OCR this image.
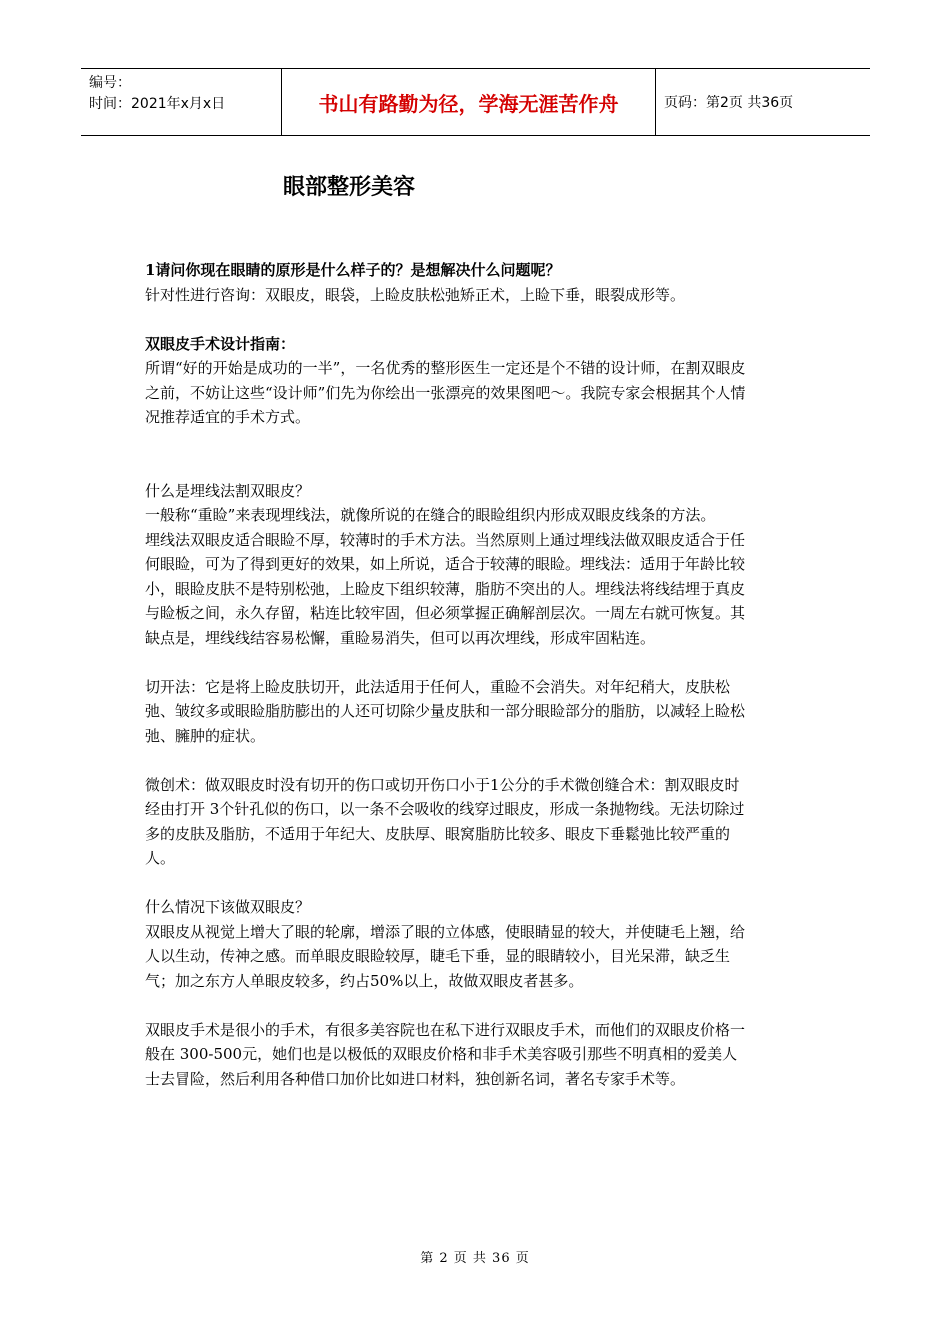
编号：
时间：2021年x月x日	书山有路勤为径，学海无涯苦作舟	页码：第2页 共36页
眼部整形美容

1请问你现在眼睛的原形是什么样子的？是想解决什么问题呢？

针对性进行咨询：双眼皮，眼袋，上睑皮肤松弛矫正术，上睑下垂，眼裂成形等。

双眼皮手术设计指南：

所谓“好的开始是成功的一半”，一名优秀的整形医生一定还是个不错的设计师，在割双眼皮之前，不妨让这些“设计师”们先为你绘出一张漂亮的效果图吧～。我院专家会根据其个人情况推荐适宜的手术方式。

什么是埋线法割双眼皮？

一般称“重睑”来表现埋线法，就像所说的在缝合的眼睑组织内形成双眼皮线条的方法。

埋线法双眼皮适合眼睑不厚，较薄时的手术方法。当然原则上通过埋线法做双眼皮适合于任何眼睑，可为了得到更好的效果，如上所说，适合于较薄的眼睑。埋线法：适用于年龄比较小，眼睑皮肤不是特别松弛，上睑皮下组织较薄，脂肪不突出的人。埋线法将线结埋于真皮与睑板之间，永久存留，粘连比较牢固，但必须掌握正确解剖层次。一周左右就可恢复。其缺点是，埋线线结容易松懈，重睑易消失，但可以再次埋线，形成牢固粘连。

切开法：它是将上睑皮肤切开，此法适用于任何人，重睑不会消失。对年纪稍大，皮肤松弛、皱纹多或眼睑脂肪膨出的人还可切除少量皮肤和一部分眼睑部分的脂肪，以减轻上睑松弛、臃肿的症状。

微创术：做双眼皮时没有切开的伤口或切开伤口小于1公分的手术微创缝合术：割双眼皮时经由打开 3个针孔似的伤口，以一条不会吸收的线穿过眼皮，形成一条抛物线。无法切除过多的皮肤及脂肪，不适用于年纪大、皮肤厚、眼窝脂肪比较多、眼皮下垂鬆弛比较严重的人。

什么情况下该做双眼皮？

双眼皮从视觉上增大了眼的轮廓，增添了眼的立体感，使眼睛显的较大，并使睫毛上翘，给人以生动，传神之感。而单眼皮眼睑较厚，睫毛下垂，显的眼睛较小，目光呆滞，缺乏生气；加之东方人单眼皮较多，约占50%以上，故做双眼皮者甚多。

双眼皮手术是很小的手术，有很多美容院也在私下进行双眼皮手术，而他们的双眼皮价格一般在 300-500元，她们也是以极低的双眼皮价格和非手术美容吸引那些不明真相的爱美人士去冒险，然后利用各种借口加价比如进口材料，独创新名词，著名专家手术等。

第 2 页 共 36 页
